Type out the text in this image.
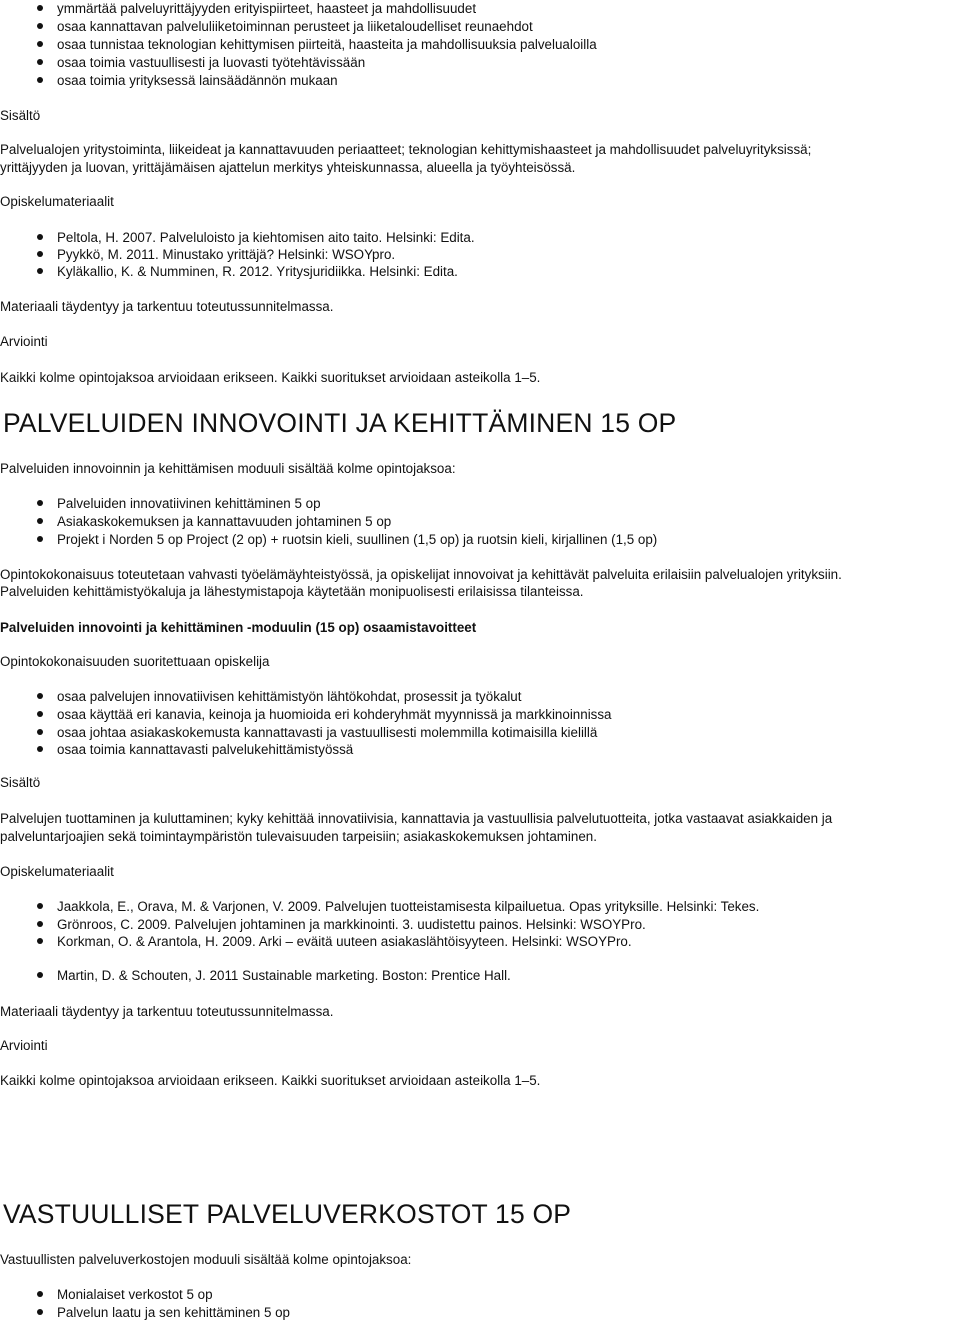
ymmärtää palveluyrittäjyyden erityispiirteet, haasteet ja mahdollisuudet
osaa kannattavan palveluliiketoiminnan perusteet ja liiketaloudelliset reunaehdot
osaa tunnistaa teknologian kehittymisen piirteitä, haasteita ja mahdollisuuksia palvelualoilla
osaa toimia vastuullisesti ja luovasti työtehtävissään
osaa toimia yrityksessä lainsäädännön mukaan

Sisältö

Palvelualojen yritystoiminta, liikeideat ja kannattavuuden periaatteet; teknologian kehittymishaasteet ja mahdollisuudet palveluyrityksissä;

yrittäjyyden ja luovan, yrittäjämäisen ajattelun merkitys yhteiskunnassa, alueella ja työyhteisössä.

Opiskelumateriaalit

Peltola, H. 2007. Palveluloisto ja kiehtomisen aito taito. Helsinki: Edita.
Pyykkö, M. 2011. Minustako yrittäjä? Helsinki: WSOYpro.
Kyläkallio, K. & Numminen, R. 2012. Yritysjuridiikka. Helsinki: Edita.

Materiaali täydentyy ja tarkentuu toteutussunnitelmassa.

Arviointi

Kaikki kolme opintojaksoa arvioidaan erikseen. Kaikki suoritukset arvioidaan asteikolla 1–5.

PALVELUIDEN INNOVOINTI JA KEHITTÄMINEN 15 OP

Palveluiden innovoinnin ja kehittämisen moduuli sisältää kolme opintojaksoa:

Palveluiden innovatiivinen kehittäminen 5 op
Asiakaskokemuksen ja kannattavuuden johtaminen 5 op
Projekt i Norden 5 op Project (2 op) + ruotsin kieli, suullinen (1,5 op) ja ruotsin kieli, kirjallinen (1,5 op)

Opintokokonaisuus toteutetaan vahvasti työelämäyhteistyössä, ja opiskelijat innovoivat ja kehittävät palveluita erilaisiin palvelualojen yrityksiin.

Palveluiden kehittämistyökaluja ja lähestymistapoja käytetään monipuolisesti erilaisissa tilanteissa.

Palveluiden innovointi ja kehittäminen -moduulin (15 op) osaamistavoitteet

Opintokokonaisuuden suoritettuaan opiskelija

osaa palvelujen innovatiivisen kehittämistyön lähtökohdat, prosessit ja työkalut
osaa käyttää eri kanavia, keinoja ja huomioida eri kohderyhmät myynnissä ja markkinoinnissa
osaa johtaa asiakaskokemusta kannattavasti ja vastuullisesti molemmilla kotimaisilla kielillä
osaa toimia kannattavasti palvelukehittämistyössä

Sisältö

Palvelujen tuottaminen ja kuluttaminen; kyky kehittää innovatiivisia, kannattavia ja vastuullisia palvelutuotteita, jotka vastaavat asiakkaiden ja

palveluntarjoajien sekä toimintaympäristön tulevaisuuden tarpeisiin; asiakaskokemuksen johtaminen.

Opiskelumateriaalit

Jaakkola, E., Orava, M. & Varjonen, V. 2009. Palvelujen tuotteistamisesta kilpailuetua. Opas yrityksille. Helsinki: Tekes.
Grönroos, C. 2009. Palvelujen johtaminen ja markkinointi. 3. uudistettu painos. Helsinki: WSOYPro.
Korkman, O. & Arantola, H. 2009. Arki – eväitä uuteen asiakaslähtöisyyteen. Helsinki: WSOYPro.
Martin, D. & Schouten, J. 2011 Sustainable marketing. Boston: Prentice Hall.

Materiaali täydentyy ja tarkentuu toteutussunnitelmassa.

Arviointi

Kaikki kolme opintojaksoa arvioidaan erikseen. Kaikki suoritukset arvioidaan asteikolla 1–5.

VASTUULLISET PALVELUVERKOSTOT 15 OP

Vastuullisten palveluverkostojen moduuli sisältää kolme opintojaksoa:

Monialaiset verkostot 5 op
Palvelun laatu ja sen kehittäminen 5 op
